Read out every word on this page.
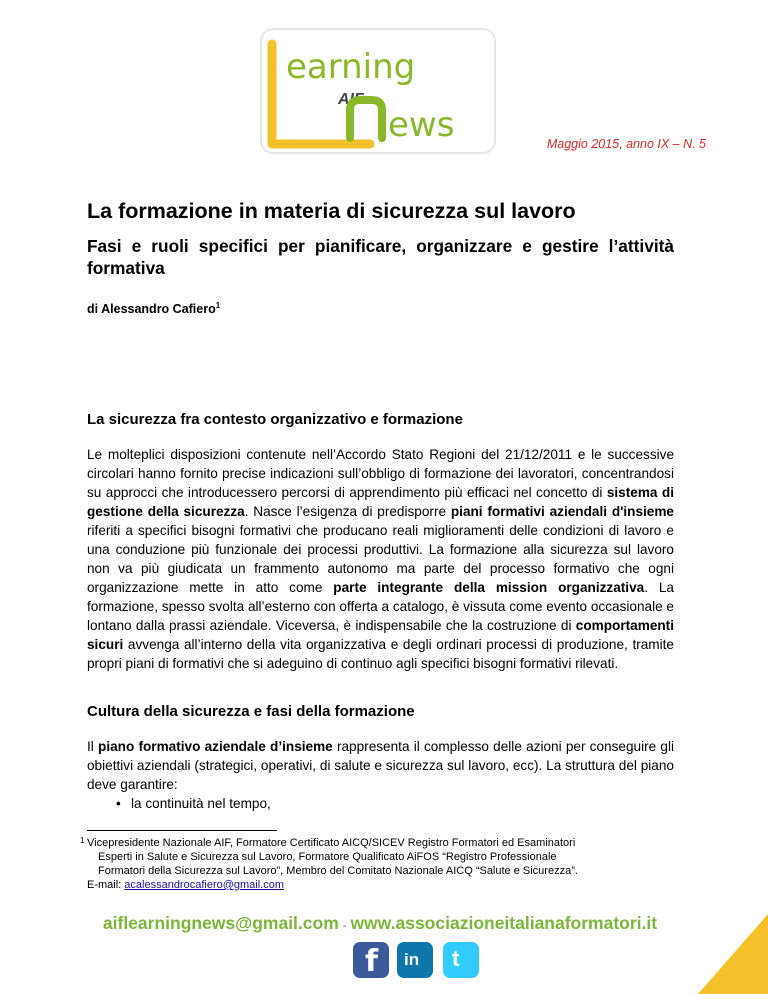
earning
AIF
ews	Maggio 2015, anno IX – N. 5
La formazione in materia di sicurezza sul lavoro

Fasi e ruoli specifici per pianificare, organizzare e gestire l’attività formativa

di Alessandro Cafiero$^1$
La sicurezza fra contesto organizzativo e formazione

Le molteplici disposizioni contenute nell’Accordo Stato Regioni del 21/12/2011 e le successive circolari hanno fornito precise indicazioni sull’obbligo di formazione dei lavoratori, concentrandosi su approcci che introducessero percorsi di apprendimento più efficaci nel concetto di sistema di gestione della sicurezza. Nasce l’esigenza di predisporre piani formativi aziendali d'insieme riferiti a specifici bisogni formativi che producano reali miglioramenti delle condizioni di lavoro e una conduzione più funzionale dei processi produttivi. La formazione alla sicurezza sul lavoro non va più giudicata un frammento autonomo ma parte del processo formativo che ogni organizzazione mette in atto come parte integrante della mission organizzativa. La formazione, spesso svolta all’esterno con offerta a catalogo, è vissuta come evento occasionale e lontano dalla prassi aziendale. Viceversa, è indispensabile che la costruzione di comportamenti sicuri avvenga all’interno della vita organizzativa e degli ordinari processi di produzione, tramite propri piani di formativi che si adeguino di continuo agli specifici bisogni formativi rilevati.

Cultura della sicurezza e fasi della formazione

Il piano formativo aziendale d’insieme rappresenta il complesso delle azioni per conseguire gli obiettivi aziendali (strategici, operativi, di salute e sicurezza sul lavoro, ecc). La struttura del piano deve garantire:

• la continuità nel tempo,
1 Vicepresidente Nazionale AIF, Formatore Certificato AICQ/SICEV Registro Formatori ed Esaminatori

Esperti in Salute e Sicurezza sul Lavoro, Formatore Qualificato AiFOS “Registro Professionale

Formatori della Sicurezza sul Lavoro”, Membro del Comitato Nazionale AICQ “Salute e Sicurezza”.

E-mail: acalessandrocafiero@gmail.com

aiflearningnews@gmail.com - www.associazioneitalianaformatori.it
f in t
